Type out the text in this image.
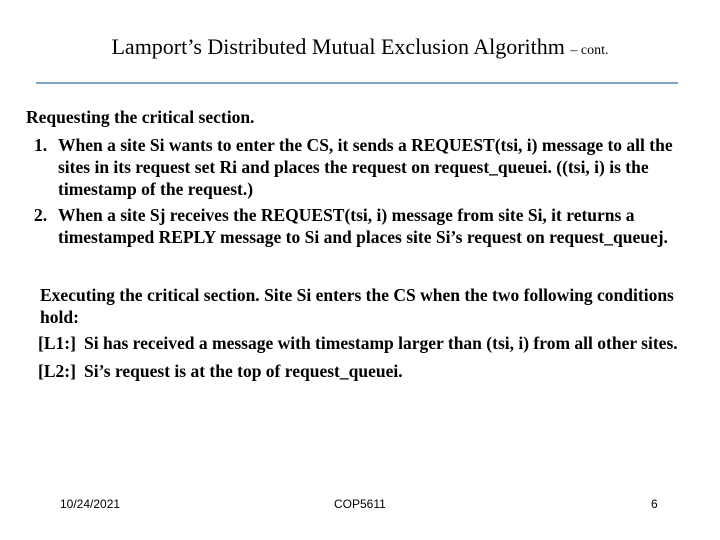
Lamport’s Distributed Mutual Exclusion Algorithm – cont.

Requesting the critical section.

1. When a site Si wants to enter the CS, it sends a REQUEST(tsi, i) message to all the sites in its request set Ri and places the request on request_queuei. ((tsi, i) is the timestamp of the request.)
2. When a site Sj receives the REQUEST(tsi, i) message from site Si, it returns a timestamped REPLY message to Si and places site Si’s request on request_queuej.

Executing the critical section. Site Si enters the CS when the two following conditions hold:

[L1:] Si has received a message with timestamp larger than (tsi, i) from all other sites.
[L2:] Si’s request is at the top of request_queuei.
10/24/2021	COP5611	6
